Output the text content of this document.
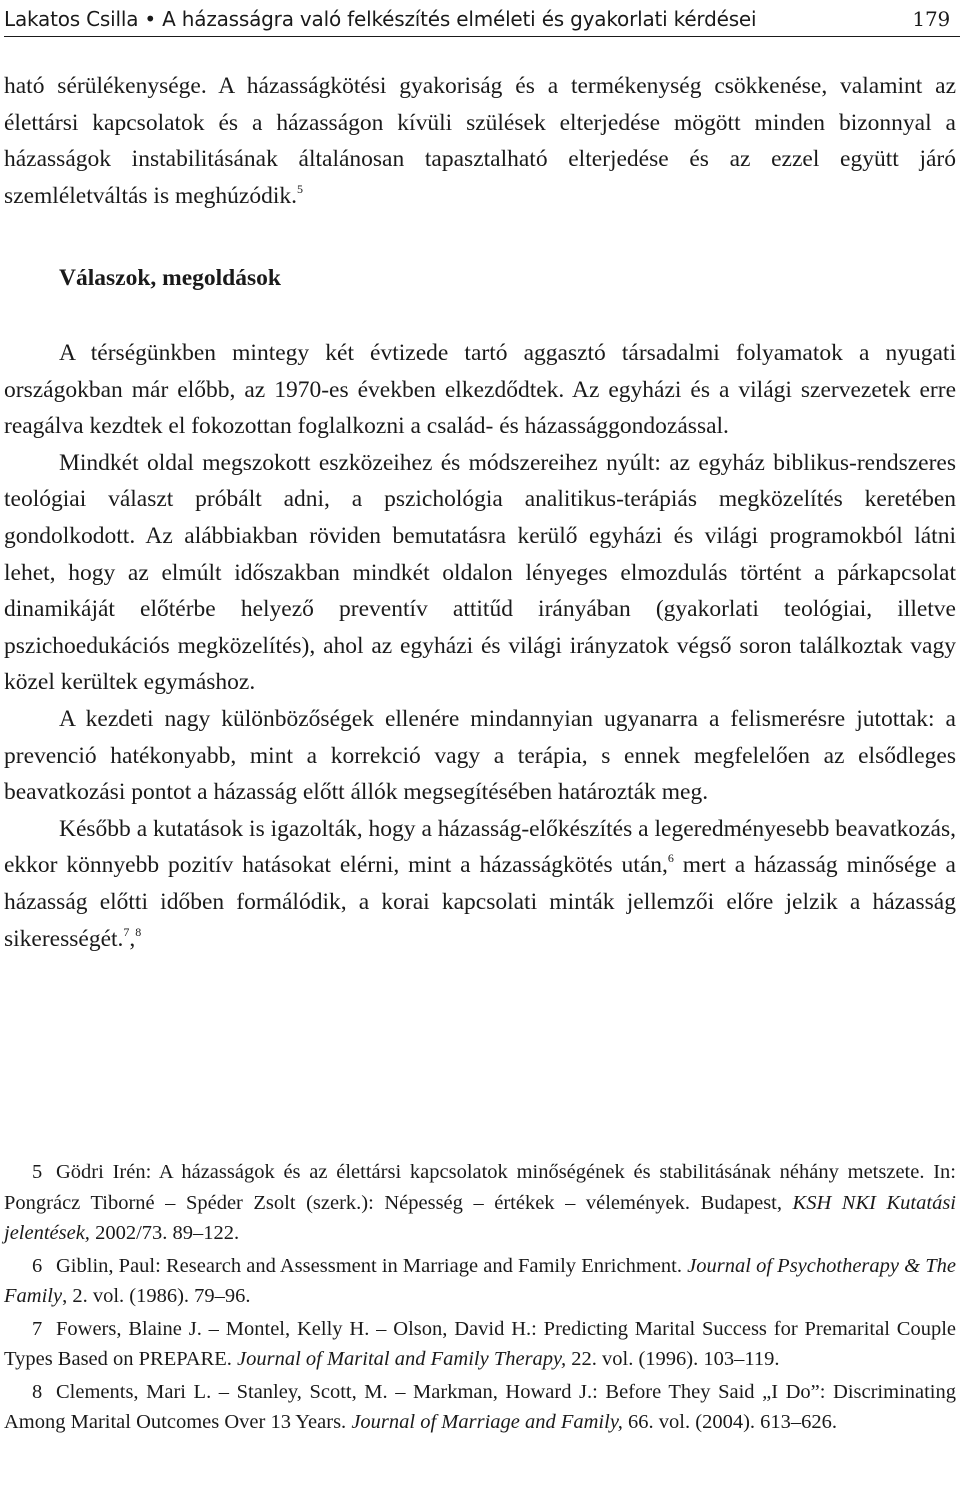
Lakatos Csilla • A házasságra való felkészítés elméleti és gyakorlati kérdései	179

ható sérülékenysége. A házasságkötési gyakoriság és a termékenység csökkenése, valamint az élettársi kapcsolatok és a házasságon kívüli szülések elterjedése mögött minden bizonnyal a házasságok instabilitásának általánosan tapasztalható elterjedése és az ezzel együtt járó szemléletváltás is meghúzódik.$^5$

Válaszok, megoldások

A térségünkben mintegy két évtizede tartó aggasztó társadalmi folyamatok a nyugati országokban már előbb, az 1970-es években elkezdődtek. Az egyházi és a világi szervezetek erre reagálva kezdtek el fokozottan foglalkozni a család- és házassággondozással.

Mindkét oldal megszokott eszközeihez és módszereihez nyúlt: az egyház biblikus-rendszeres teológiai választ próbált adni, a pszichológia analitikus-terápiás megközelítés keretében gondolkodott. Az alábbiakban röviden bemutatásra kerülő egyházi és világi programokból látni lehet, hogy az elmúlt időszakban mindkét oldalon lényeges elmozdulás történt a párkapcsolat dinamikáját előtérbe helyező preventív attitűd irányában (gyakorlati teológiai, illetve pszichoedukációs megközelítés), ahol az egyházi és világi irányzatok végső soron találkoztak vagy közel kerültek egymáshoz.

A kezdeti nagy különbözőségek ellenére mindannyian ugyanarra a felismerésre jutottak: a prevenció hatékonyabb, mint a korrekció vagy a terápia, s ennek megfelelően az elsődleges beavatkozási pontot a házasság előtt állók megsegítésében határozták meg.

Később a kutatások is igazolták, hogy a házasság-előkészítés a legeredményesebb beavatkozás, ekkor könnyebb pozitív hatásokat elérni, mint a házasságkötés után,$^6$ mert a házasság minősége a házasság előtti időben formálódik, a korai kapcsolati minták jellemzői előre jelzik a házasság sikerességét.$^7$,$^8$

5 Gödri Irén: A házasságok és az élettársi kapcsolatok minőségének és stabilitásának néhány metszete. In: Pongrácz Tiborné – Spéder Zsolt (szerk.): Népesség – értékek – vélemények. Budapest, KSH NKI Kutatási jelentések, 2002/73. 89–122.

6 Giblin, Paul: Research and Assessment in Marriage and Family Enrichment. Journal of Psychotherapy & The Family, 2. vol. (1986). 79–96.

7 Fowers, Blaine J. – Montel, Kelly H. – Olson, David H.: Predicting Marital Success for Premarital Couple Types Based on PREPARE. Journal of Marital and Family Therapy, 22. vol. (1996). 103–119.

8 Clements, Mari L. – Stanley, Scott, M. – Markman, Howard J.: Before They Said „I Do”: Discriminating Among Marital Outcomes Over 13 Years. Journal of Marriage and Family, 66. vol. (2004). 613–626.
